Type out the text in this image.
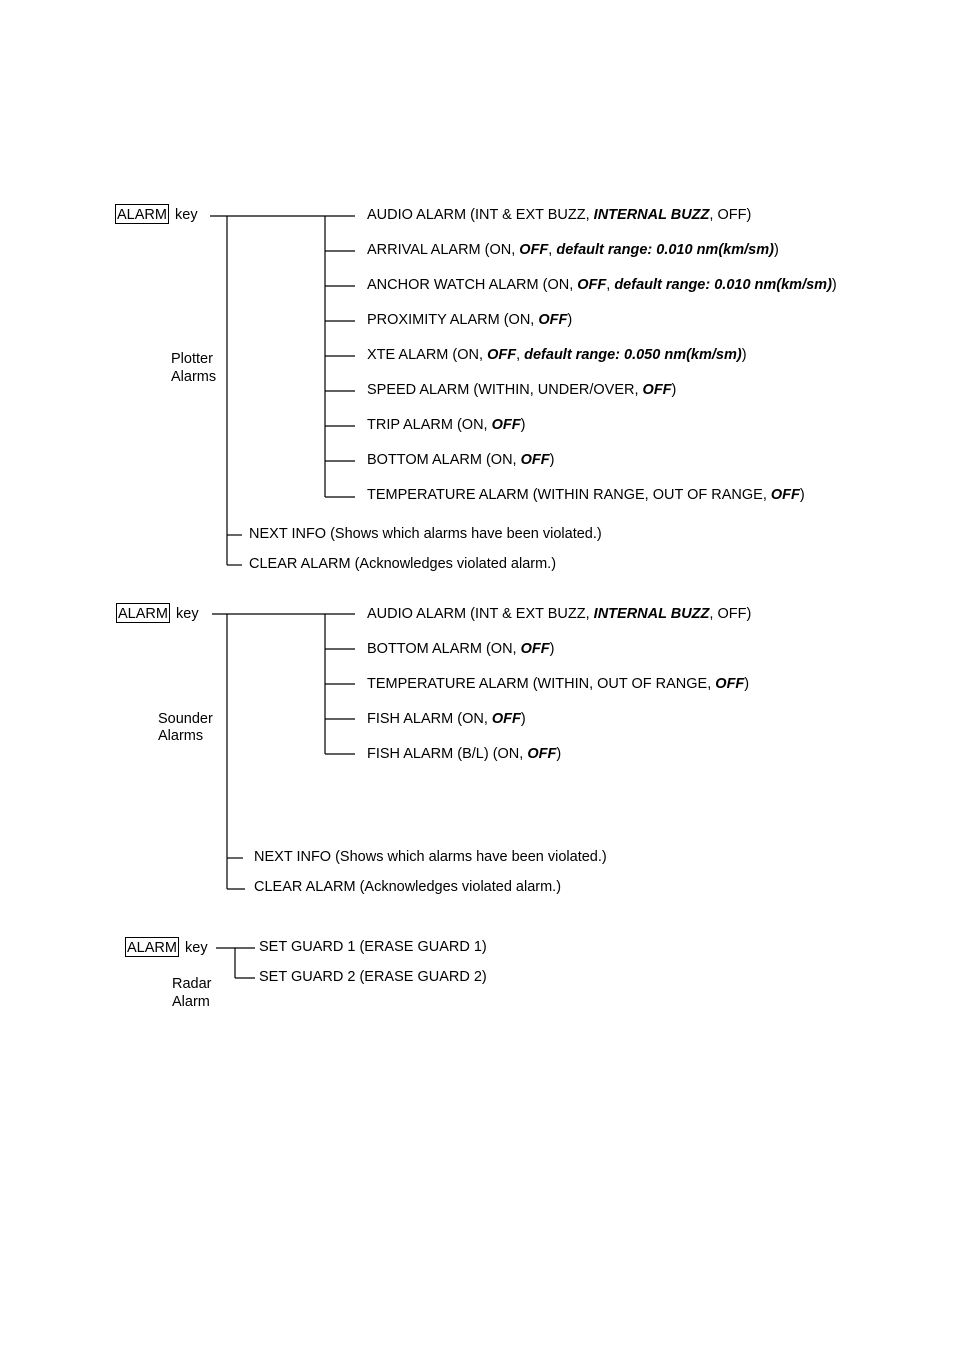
ALARM key
Plotter
Alarms
AUDIO ALARM (INT & EXT BUZZ, INTERNAL BUZZ, OFF)
ARRIVAL ALARM (ON, OFF, default range: 0.010 nm(km/sm))
ANCHOR WATCH ALARM (ON, OFF, default range: 0.010 nm(km/sm))
PROXIMITY ALARM (ON, OFF)
XTE ALARM (ON, OFF, default range: 0.050 nm(km/sm))
SPEED ALARM (WITHIN, UNDER/OVER, OFF)
TRIP ALARM (ON, OFF)
BOTTOM ALARM (ON, OFF)
TEMPERATURE ALARM (WITHIN RANGE, OUT OF RANGE, OFF)
NEXT INFO (Shows which alarms have been violated.)
CLEAR ALARM (Acknowledges violated alarm.)
ALARM key
Sounder
Alarms
AUDIO ALARM (INT & EXT BUZZ, INTERNAL BUZZ, OFF)
BOTTOM ALARM (ON, OFF)
TEMPERATURE ALARM (WITHIN, OUT OF RANGE, OFF)
FISH ALARM (ON, OFF)
FISH ALARM (B/L) (ON, OFF)
NEXT INFO (Shows which alarms have been violated.)
CLEAR ALARM (Acknowledges violated alarm.)
ALARM key
Radar
Alarm
SET GUARD 1 (ERASE GUARD 1)
SET GUARD 2 (ERASE GUARD 2)
